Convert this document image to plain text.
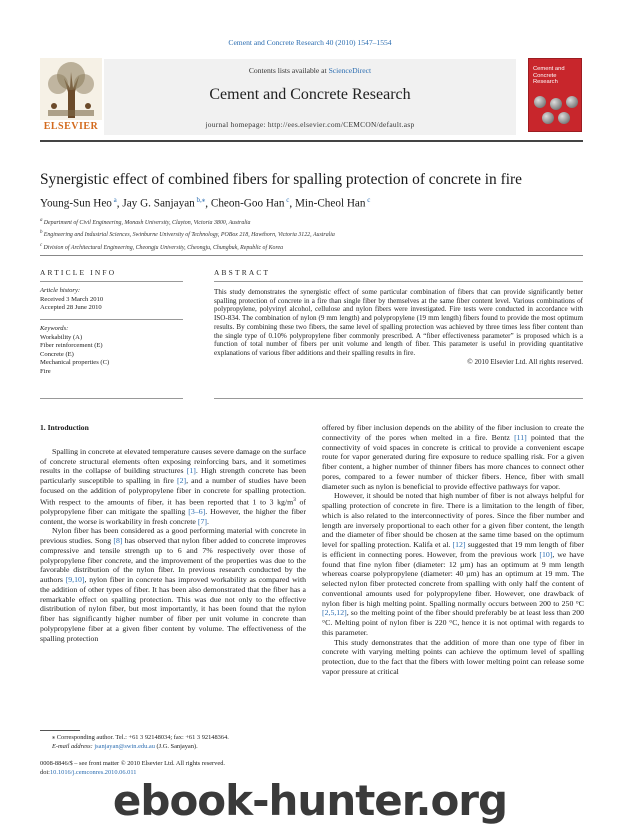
Cement and Concrete Research 40 (2010) 1547–1554
Contents lists available at ScienceDirect
Cement and Concrete Research
journal homepage: http://ees.elsevier.com/CEMCON/default.asp
ELSEVIER
Cement and Concrete Research
Synergistic effect of combined fibers for spalling protection of concrete in fire
Young-Sun Heo $^a$, Jay G. Sanjayan $^{b,⁎}$, Cheon-Goo Han $^c$, Min-Cheol Han $^c$
$^a$ Department of Civil Engineering, Monash University, Clayton, Victoria 3800, Australia
$^b$ Engineering and Industrial Sciences, Swinburne University of Technology, POBox 218, Hawthorn, Victoria 3122, Australia
$^c$ Division of Architectural Engineering, Cheongju University, Cheongju, Chungbuk, Republic of Korea
ARTICLE INFO	ABSTRACT
Article history:
Received 3 March 2010
Accepted 28 June 2010
Keywords:
Workability (A)
Fiber reinforcement (E)
Concrete (E)
Mechanical properties (C)
Fire
This study demonstrates the synergistic effect of some particular combination of fibers that can provide significantly better spalling protection of concrete in a fire than single fiber by themselves at the same fiber content level. Various combinations of polypropylene, polyvinyl alcohol, cellulose and nylon fibers were investigated. Fire tests were conducted in accordance with ISO-834. The combination of nylon (9 mm length) and polypropylene (19 mm length) fibers found to provide the most optimum results. By combining these two fibers, the same level of spalling protection was achieved by three times less fiber content than the single type of 0.10% polypropylene fiber commonly prescribed. A “fiber effectiveness parameter” is proposed which is a function of total number of fibers per unit volume and length of fiber. This parameter is useful in providing quantitative explanations of various fiber additions and their spalling results in fire.
© 2010 Elsevier Ltd. All rights reserved.
1. Introduction

Spalling in concrete at elevated temperature causes severe damage on the surface of concrete structural elements often exposing reinforcing bars, and it sometimes results in the collapse of building structures [1]. High strength concrete has been particularly susceptible to spalling in fire [2], and a number of studies have been focused on the addition of polypropylene fiber in concrete for spalling protection. With respect to the amounts of fiber, it has been reported that 1 to 3 $kg/m^3$ of polypropylene fiber can mitigate the spalling [3–6]. However, the higher the fiber content, the worse is workability in fresh concrete [7].

Nylon fiber has been considered as a good performing material with concrete in previous studies. Song [8] has observed that nylon fiber added to concrete improves compressive and tensile strength up to 6 and 7% respectively over those of polypropylene fiber concrete, and the improvement of the properties was due to the favorable distribution of the nylon fiber. In previous research conducted by the authors [9,10], nylon fiber in concrete has improved workability as compared with the addition of other types of fiber. It has been also demonstrated that the fiber has a remarkable effect on spalling protection. This was due not only to the effective distribution of nylon fiber, but most importantly, it has been found that the nylon fiber has significantly higher number of fiber per unit volume in concrete than polypropylene fiber at a given fiber content by volume. The effectiveness of the spalling protection

offered by fiber inclusion depends on the ability of the fiber inclusion to create the connectivity of the pores when melted in a fire. Bentz [11] pointed that the connectivity of void spaces in concrete is critical to provide a convenient escape route for vapor generated during fire exposure to reduce spalling risk. For a given fiber content, a higher number of thinner fibers has more chances to connect other pores, compared to a fewer number of thicker fibers. Hence, fiber with small diameter such as nylon is beneficial to provide effective pathways for vapor.

However, it should be noted that high number of fiber is not always helpful for spalling protection of concrete in fire. There is a limitation to the length of fiber, which is also related to the interconnectivity of pores. Since the fiber number and length are inversely proportional to each other for a given fiber content, the length and the diameter of fiber should be chosen at the same time based on the optimum level for spalling protection. Kalifa et al. [12] suggested that 19 mm length of fiber is efficient in connecting pores. However, from the previous work [10], we have found that fine nylon fiber (diameter: 12 µm) has an optimum at 9 mm length whereas coarse polypropylene (diameter: 40 µm) has an optimum at 19 mm. The selected nylon fiber protected concrete from spalling with only half the content of conventional amounts used for polypropylene fiber. However, one drawback of nylon fiber is high melting point. Spalling normally occurs between 200 to 250 °C [2,5,12], so the melting point of the fiber should preferably be at least less than 200 °C. Melting point of nylon fiber is 220 °C, hence it is not optimal with regards to this parameter.

This study demonstrates that the addition of more than one type of fiber in concrete with varying melting points can achieve the optimum level of spalling protection, due to the fact that the fibers with lower melting point can release some vapor pressure at critical

⁎ Corresponding author. Tel.: +61 3 92148034; fax: +61 3 92148364.
E-mail address: jsanjayan@swin.edu.au (J.G. Sanjayan).
0008-8846/$ – see front matter © 2010 Elsevier Ltd. All rights reserved.
doi:10.1016/j.cemconres.2010.06.011
ebook-hunter.org
